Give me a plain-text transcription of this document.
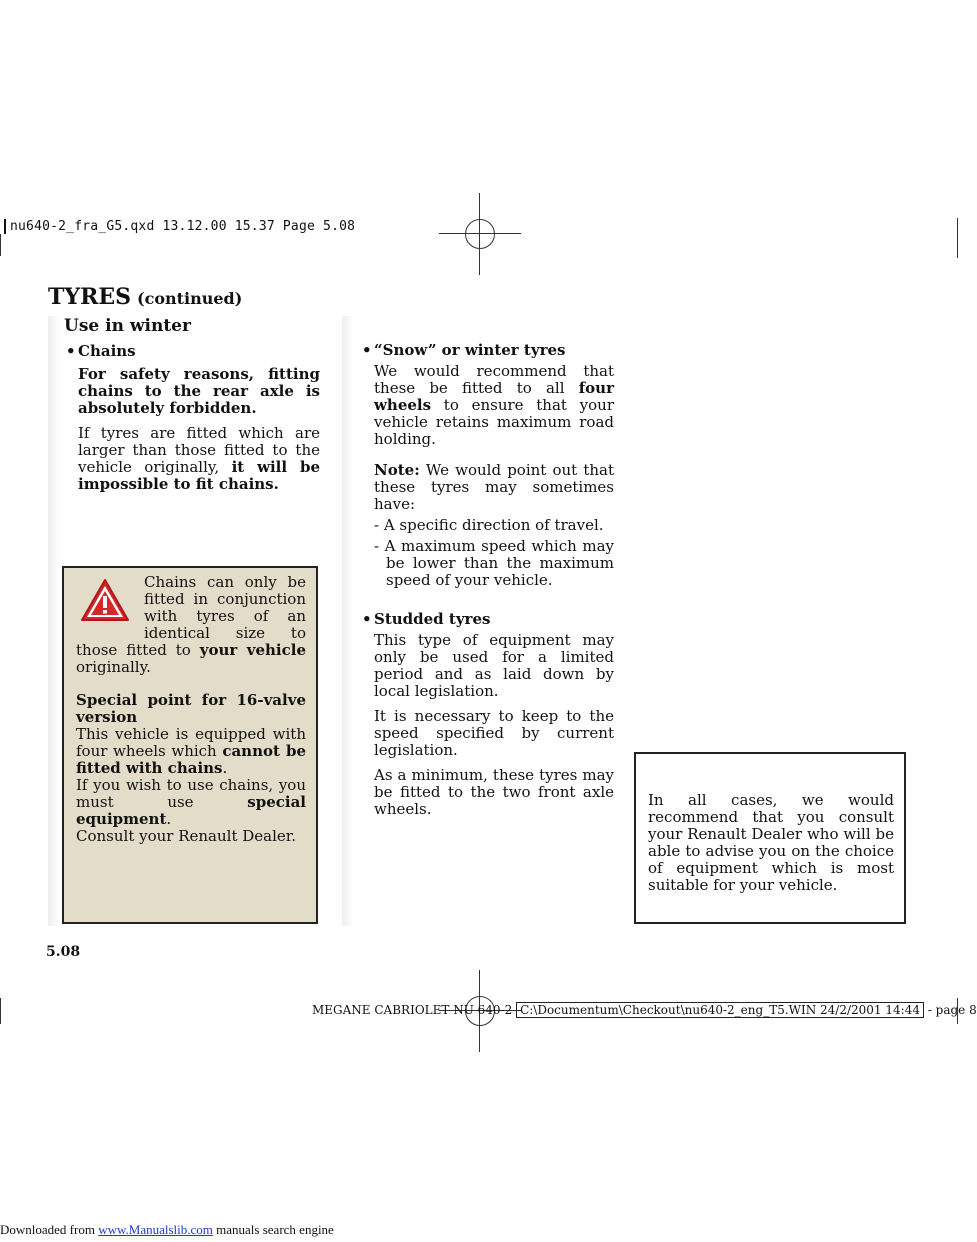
nu640-2_fra_G5.qxd 13.12.00 15.37 Page 5.08
TYRES (continued)
Use in winter
• Chains

For safety reasons, fitting chains to the rear axle is absolutely forbidden.

If tyres are fitted which are larger than those fitted to the vehicle originally, it will be impossible to fit chains.

Chains can only be fitted in conjunction with tyres of an identical size to those fitted to your vehicle originally.

Special point for 16-valve version

This vehicle is equipped with four wheels which cannot be fitted with chains.

If you wish to use chains, you must use special equipment.

Consult your Renault Dealer.

• “Snow” or winter tyres

We would recommend that these be fitted to all four wheels to ensure that your vehicle retains maximum road holding.

Note: We would point out that these tyres may sometimes have:

- A specific direction of travel.

- A maximum speed which may be lower than the maximum speed of your vehicle.

• Studded tyres

This type of equipment may only be used for a limited period and as laid down by local legislation.

It is necessary to keep to the speed specified by current legislation.

As a minimum, these tyres may be fitted to the two front axle wheels.	In all cases, we would recommend that you consult your Renault Dealer who will be able to advise you on the choice of equipment which is most suitable for your vehicle.
5.08
MEGANE CABRIOLET NU 640-2 C:\Documentum\Checkout\nu640-2_eng_T5.WIN 24/2/2001 14:44 - page 8
Downloaded from www.Manualslib.com manuals search engine
